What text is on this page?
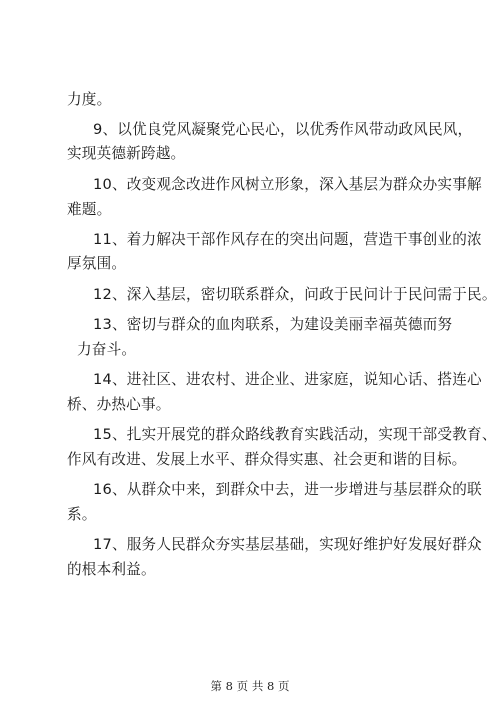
力度。
9、以优良党风凝聚党心民心，以优秀作风带动政风民风，
实现英德新跨越。
10、改变观念改进作风树立形象，深入基层为群众办实事解
难题。
11、着力解决干部作风存在的突出问题，营造干事创业的浓
厚氛围。
12、深入基层，密切联系群众，问政于民问计于民问需于民。
13、密切与群众的血肉联系，为建设美丽幸福英德而努
力奋斗。
14、进社区、进农村、进企业、进家庭，说知心话、搭连心
桥、办热心事。
15、扎实开展党的群众路线教育实践活动，实现干部受教育、
作风有改进、发展上水平、群众得实惠、社会更和谐的目标。
16、从群众中来，到群众中去，进一步增进与基层群众的联
系。
17、服务人民群众夯实基层基础，实现好维护好发展好群众
的根本利益。
第 8 页 共 8 页
